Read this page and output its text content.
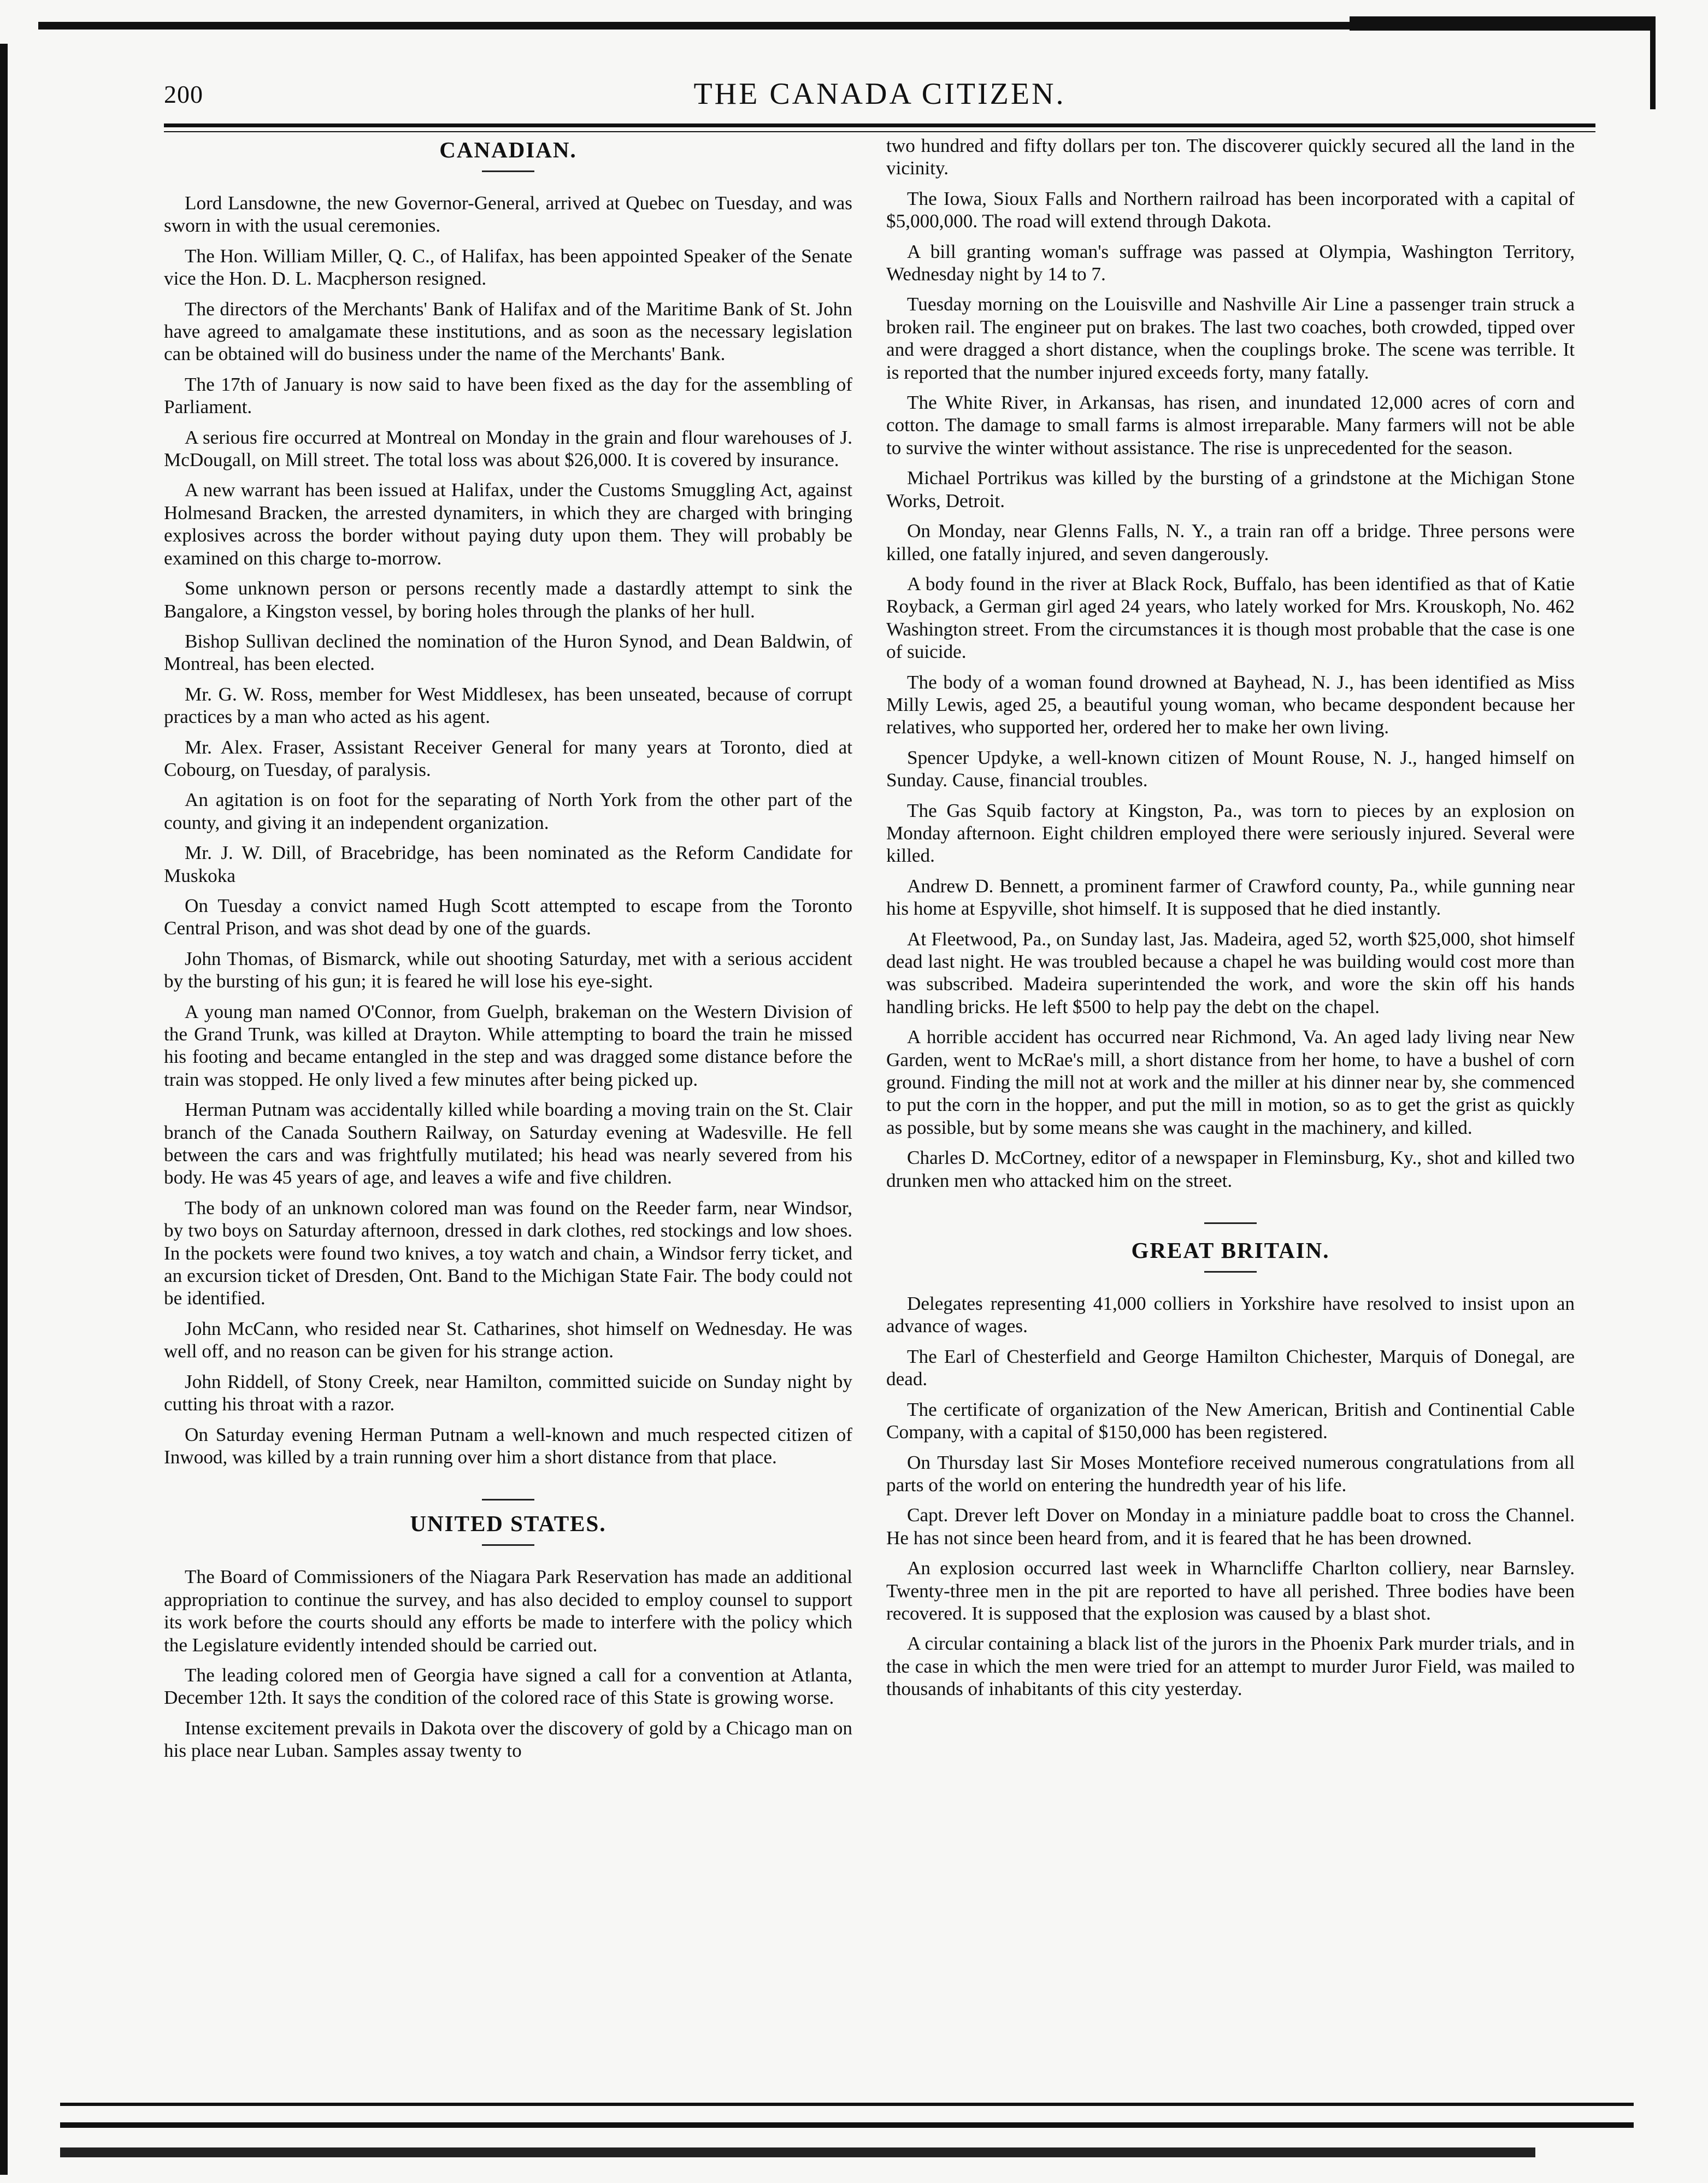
200	THE CANADA CITIZEN.
CANADIAN.

Lord Lansdowne, the new Governor-General, arrived at Quebec on Tuesday, and was sworn in with the usual ceremonies.

The Hon. William Miller, Q. C., of Halifax, has been appointed Speaker of the Senate vice the Hon. D. L. Macpherson resigned.

The directors of the Merchants' Bank of Halifax and of the Maritime Bank of St. John have agreed to amalgamate these institutions, and as soon as the necessary legislation can be obtained will do business under the name of the Merchants' Bank.

The 17th of January is now said to have been fixed as the day for the assembling of Parliament.

A serious fire occurred at Montreal on Monday in the grain and flour warehouses of J. McDougall, on Mill street. The total loss was about $26,000. It is covered by insurance.

A new warrant has been issued at Halifax, under the Customs Smuggling Act, against Holmesand Bracken, the arrested dynamiters, in which they are charged with bringing explosives across the border without paying duty upon them. They will probably be examined on this charge to-morrow.

Some unknown person or persons recently made a dastardly attempt to sink the Bangalore, a Kingston vessel, by boring holes through the planks of her hull.

Bishop Sullivan declined the nomination of the Huron Synod, and Dean Baldwin, of Montreal, has been elected.

Mr. G. W. Ross, member for West Middlesex, has been unseated, because of corrupt practices by a man who acted as his agent.

Mr. Alex. Fraser, Assistant Receiver General for many years at Toronto, died at Cobourg, on Tuesday, of paralysis.

An agitation is on foot for the separating of North York from the other part of the county, and giving it an independent organization.

Mr. J. W. Dill, of Bracebridge, has been nominated as the Reform Candidate for Muskoka

On Tuesday a convict named Hugh Scott attempted to escape from the Toronto Central Prison, and was shot dead by one of the guards.

John Thomas, of Bismarck, while out shooting Saturday, met with a serious accident by the bursting of his gun; it is feared he will lose his eye-sight.

A young man named O'Connor, from Guelph, brakeman on the Western Division of the Grand Trunk, was killed at Drayton. While attempting to board the train he missed his footing and became entangled in the step and was dragged some distance before the train was stopped. He only lived a few minutes after being picked up.

Herman Putnam was accidentally killed while boarding a moving train on the St. Clair branch of the Canada Southern Railway, on Saturday evening at Wadesville. He fell between the cars and was frightfully mutilated; his head was nearly severed from his body. He was 45 years of age, and leaves a wife and five children.

The body of an unknown colored man was found on the Reeder farm, near Windsor, by two boys on Saturday afternoon, dressed in dark clothes, red stockings and low shoes. In the pockets were found two knives, a toy watch and chain, a Windsor ferry ticket, and an excursion ticket of Dresden, Ont. Band to the Michigan State Fair. The body could not be identified.

John McCann, who resided near St. Catharines, shot himself on Wednesday. He was well off, and no reason can be given for his strange action.

John Riddell, of Stony Creek, near Hamilton, committed suicide on Sunday night by cutting his throat with a razor.

On Saturday evening Herman Putnam a well-known and much respected citizen of Inwood, was killed by a train running over him a short distance from that place.

UNITED STATES.

The Board of Commissioners of the Niagara Park Reservation has made an additional appropriation to continue the survey, and has also decided to employ counsel to support its work before the courts should any efforts be made to interfere with the policy which the Legislature evidently intended should be carried out.

The leading colored men of Georgia have signed a call for a convention at Atlanta, December 12th. It says the condition of the colored race of this State is growing worse.

Intense excitement prevails in Dakota over the discovery of gold by a Chicago man on his place near Luban. Samples assay twenty to

two hundred and fifty dollars per ton. The discoverer quickly secured all the land in the vicinity.

The Iowa, Sioux Falls and Northern railroad has been incorporated with a capital of $5,000,000. The road will extend through Dakota.

A bill granting woman's suffrage was passed at Olympia, Washington Territory, Wednesday night by 14 to 7.

Tuesday morning on the Louisville and Nashville Air Line a passenger train struck a broken rail. The engineer put on brakes. The last two coaches, both crowded, tipped over and were dragged a short distance, when the couplings broke. The scene was terrible. It is reported that the number injured exceeds forty, many fatally.

The White River, in Arkansas, has risen, and inundated 12,000 acres of corn and cotton. The damage to small farms is almost irreparable. Many farmers will not be able to survive the winter without assistance. The rise is unprecedented for the season.

Michael Portrikus was killed by the bursting of a grindstone at the Michigan Stone Works, Detroit.

On Monday, near Glenns Falls, N. Y., a train ran off a bridge. Three persons were killed, one fatally injured, and seven dangerously.

A body found in the river at Black Rock, Buffalo, has been identified as that of Katie Royback, a German girl aged 24 years, who lately worked for Mrs. Krouskoph, No. 462 Washington street. From the circumstances it is though most probable that the case is one of suicide.

The body of a woman found drowned at Bayhead, N. J., has been identified as Miss Milly Lewis, aged 25, a beautiful young woman, who became despondent because her relatives, who supported her, ordered her to make her own living.

Spencer Updyke, a well-known citizen of Mount Rouse, N. J., hanged himself on Sunday. Cause, financial troubles.

The Gas Squib factory at Kingston, Pa., was torn to pieces by an explosion on Monday afternoon. Eight children employed there were seriously injured. Several were killed.

Andrew D. Bennett, a prominent farmer of Crawford county, Pa., while gunning near his home at Espyville, shot himself. It is supposed that he died instantly.

At Fleetwood, Pa., on Sunday last, Jas. Madeira, aged 52, worth $25,000, shot himself dead last night. He was troubled because a chapel he was building would cost more than was subscribed. Madeira superintended the work, and wore the skin off his hands handling bricks. He left $500 to help pay the debt on the chapel.

A horrible accident has occurred near Richmond, Va. An aged lady living near New Garden, went to McRae's mill, a short distance from her home, to have a bushel of corn ground. Finding the mill not at work and the miller at his dinner near by, she commenced to put the corn in the hopper, and put the mill in motion, so as to get the grist as quickly as possible, but by some means she was caught in the machinery, and killed.

Charles D. McCortney, editor of a newspaper in Fleminsburg, Ky., shot and killed two drunken men who attacked him on the street.

GREAT BRITAIN.

Delegates representing 41,000 colliers in Yorkshire have resolved to insist upon an advance of wages.

The Earl of Chesterfield and George Hamilton Chichester, Marquis of Donegal, are dead.

The certificate of organization of the New American, British and Continential Cable Company, with a capital of $150,000 has been registered.

On Thursday last Sir Moses Montefiore received numerous congratulations from all parts of the world on entering the hundredth year of his life.

Capt. Drever left Dover on Monday in a miniature paddle boat to cross the Channel. He has not since been heard from, and it is feared that he has been drowned.

An explosion occurred last week in Wharncliffe Charlton colliery, near Barnsley. Twenty-three men in the pit are reported to have all perished. Three bodies have been recovered. It is supposed that the explosion was caused by a blast shot.

A circular containing a black list of the jurors in the Phoenix Park murder trials, and in the case in which the men were tried for an attempt to murder Juror Field, was mailed to thousands of inhabitants of this city yesterday.
